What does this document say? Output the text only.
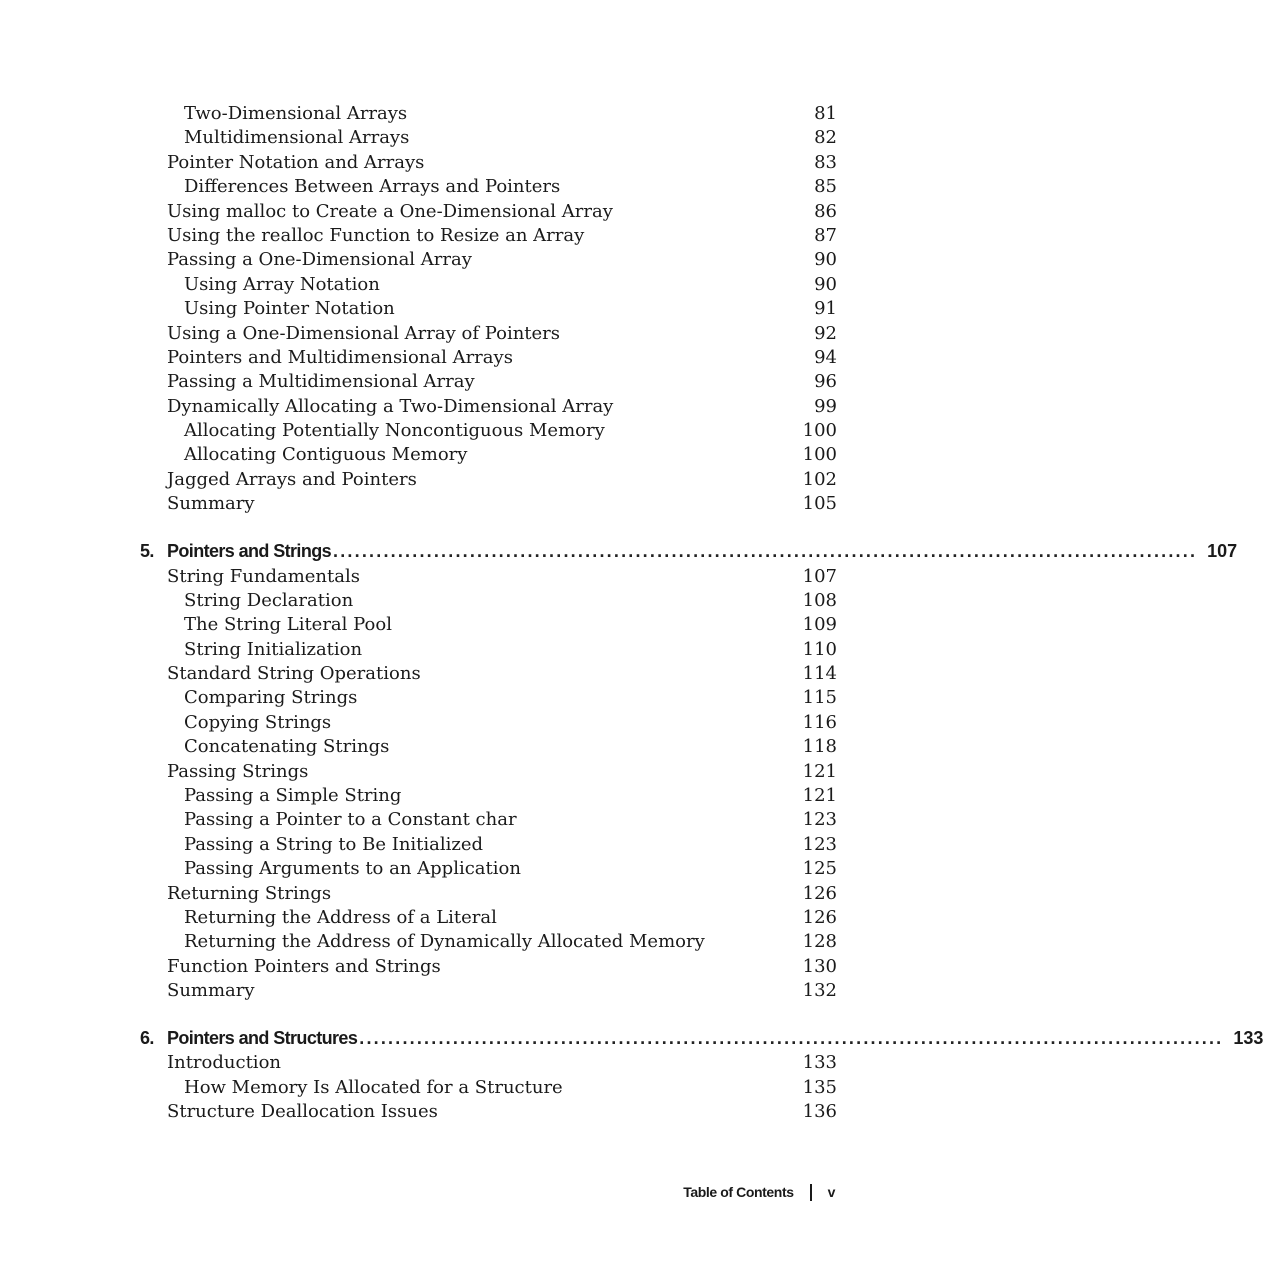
Two-Dimensional Arrays	81
Multidimensional Arrays	82
Pointer Notation and Arrays	83
Differences Between Arrays and Pointers	85
Using malloc to Create a One-Dimensional Array	86
Using the realloc Function to Resize an Array	87
Passing a One-Dimensional Array	90
Using Array Notation	90
Using Pointer Notation	91
Using a One-Dimensional Array of Pointers	92
Pointers and Multidimensional Arrays	94
Passing a Multidimensional Array	96
Dynamically Allocating a Two-Dimensional Array	99
Allocating Potentially Noncontiguous Memory	100
Allocating Contiguous Memory	100
Jagged Arrays and Pointers	102
Summary	105
5. Pointers and Strings ........................................................................................................................ 107
String Fundamentals	107
String Declaration	108
The String Literal Pool	109
String Initialization	110
Standard String Operations	114
Comparing Strings	115
Copying Strings	116
Concatenating Strings	118
Passing Strings	121
Passing a Simple String	121
Passing a Pointer to a Constant char	123
Passing a String to Be Initialized	123
Passing Arguments to an Application	125
Returning Strings	126
Returning the Address of a Literal	126
Returning the Address of Dynamically Allocated Memory	128
Function Pointers and Strings	130
Summary	132
6. Pointers and Structures ........................................................................................................................ 133
Introduction	133
How Memory Is Allocated for a Structure	135
Structure Deallocation Issues	136
Table of Contents v
